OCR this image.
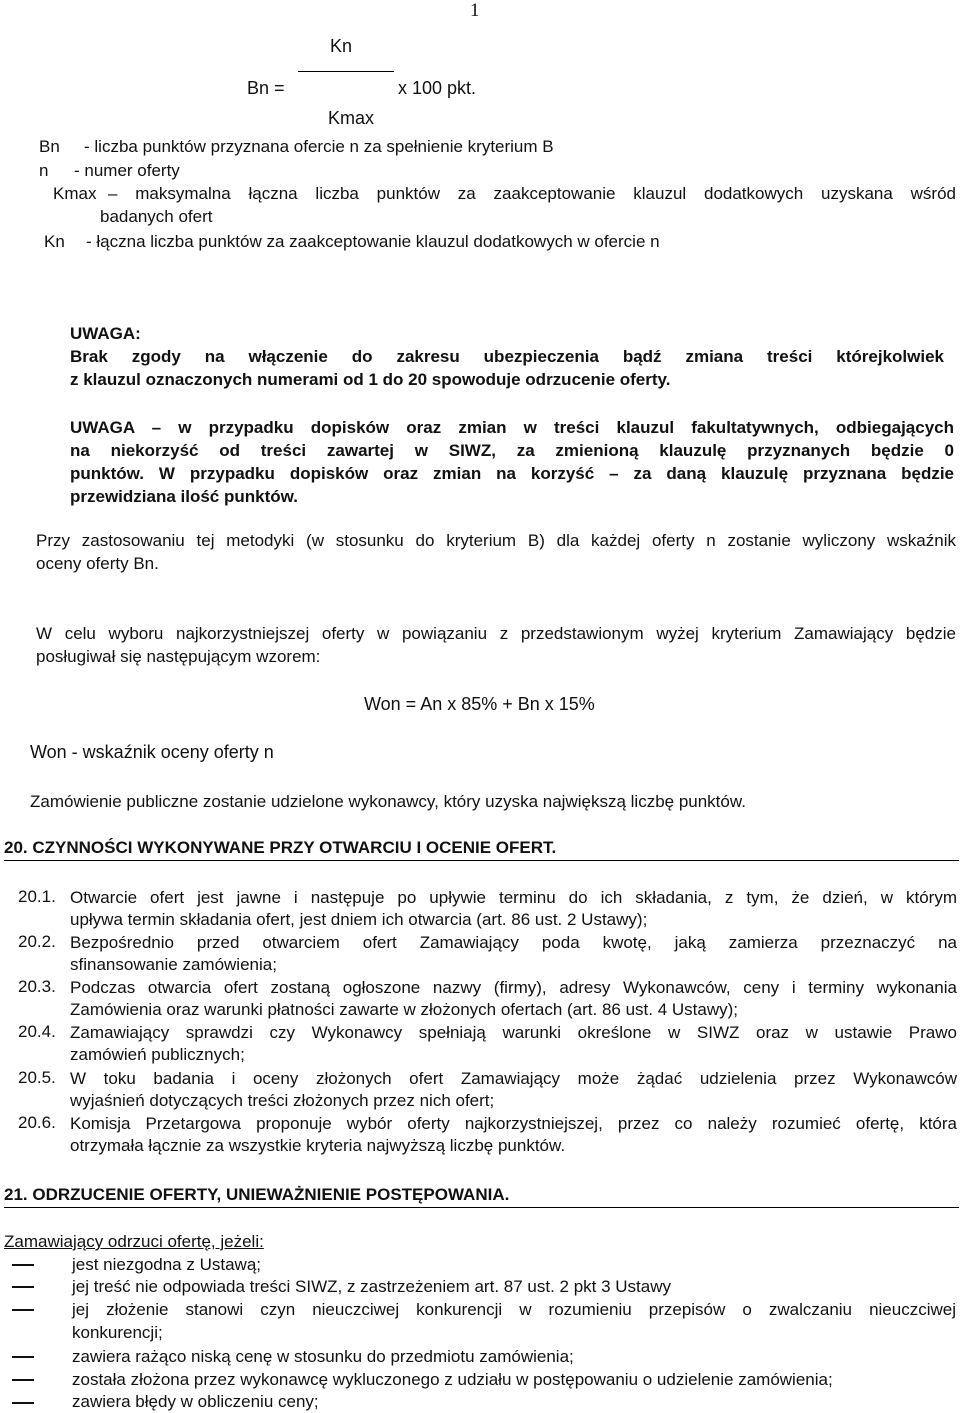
1
Kn
Bn =	x 100 pkt.
Kmax
Bn - liczba punktów przyznana ofercie n za spełnienie kryterium B
n - numer oferty
Kmax – maksymalna łączna liczba punktów za zaakceptowanie klauzul dodatkowych uzyskana wśród
badanych ofert
Kn - łączna liczba punktów za zaakceptowanie klauzul dodatkowych w ofercie n
UWAGA:
Brak zgody na włączenie do zakresu ubezpieczenia bądź zmiana treści którejkolwiek
z klauzul oznaczonych numerami od 1 do 20 spowoduje odrzucenie oferty.
UWAGA – w przypadku dopisków oraz zmian w treści klauzul fakultatywnych, odbiegających
na niekorzyść od treści zawartej w SIWZ, za zmienioną klauzulę przyznanych będzie 0
punktów. W przypadku dopisków oraz zmian na korzyść – za daną klauzulę przyznana będzie
przewidziana ilość punktów.
Przy zastosowaniu tej metodyki (w stosunku do kryterium B) dla każdej oferty n zostanie wyliczony wskaźnik
oceny oferty Bn.
W celu wyboru najkorzystniejszej oferty w powiązaniu z przedstawionym wyżej kryterium Zamawiający będzie
posługiwał się następującym wzorem:
Won = An x 85% + Bn x 15%
Won - wskaźnik oceny oferty n
Zamówienie publiczne zostanie udzielone wykonawcy, który uzyska największą liczbę punktów.
20. CZYNNOŚCI WYKONYWANE PRZY OTWARCIU I OCENIE OFERT.
20.1. Otwarcie ofert jest jawne i następuje po upływie terminu do ich składania, z tym, że dzień, w którym
upływa termin składania ofert, jest dniem ich otwarcia (art. 86 ust. 2 Ustawy);
20.2. Bezpośrednio przed otwarciem ofert Zamawiający poda kwotę, jaką zamierza przeznaczyć na
sfinansowanie zamówienia;
20.3. Podczas otwarcia ofert zostaną ogłoszone nazwy (firmy), adresy Wykonawców, ceny i terminy wykonania
Zamówienia oraz warunki płatności zawarte w złożonych ofertach (art. 86 ust. 4 Ustawy);
20.4. Zamawiający sprawdzi czy Wykonawcy spełniają warunki określone w SIWZ oraz w ustawie Prawo
zamówień publicznych;
20.5. W toku badania i oceny złożonych ofert Zamawiający może żądać udzielenia przez Wykonawców
wyjaśnień dotyczących treści złożonych przez nich ofert;
20.6. Komisja Przetargowa proponuje wybór oferty najkorzystniejszej, przez co należy rozumieć ofertę, która
otrzymała łącznie za wszystkie kryteria najwyższą liczbę punktów.
21. ODRZUCENIE OFERTY, UNIEWAŻNIENIE POSTĘPOWANIA.
Zamawiający odrzuci ofertę, jeżeli:
jest niezgodna z Ustawą;
jej treść nie odpowiada treści SIWZ, z zastrzeżeniem art. 87 ust. 2 pkt 3 Ustawy
jej złożenie stanowi czyn nieuczciwej konkurencji w rozumieniu przepisów o zwalczaniu nieuczciwej
konkurencji;
zawiera rażąco niską cenę w stosunku do przedmiotu zamówienia;
została złożona przez wykonawcę wykluczonego z udziału w postępowaniu o udzielenie zamówienia;
zawiera błędy w obliczeniu ceny;
